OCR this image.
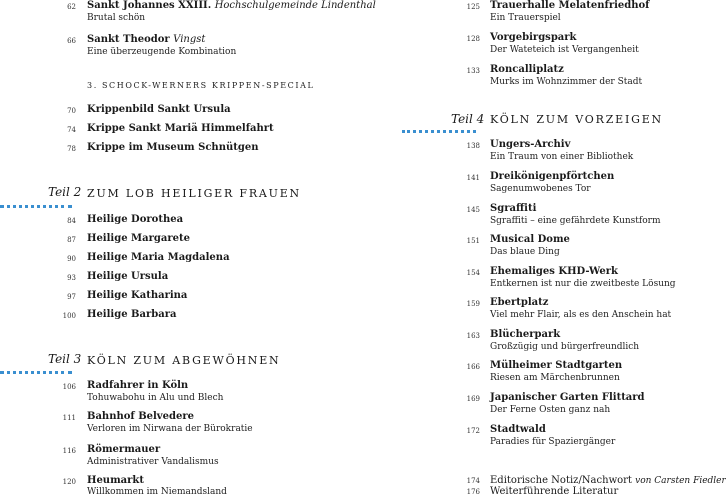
62 Sankt Johannes XXIII. Hochschulgemeinde Lindenthal
Brutal schön
66 Sankt Theodor Vingst
Eine überzeugende Kombination
3. SCHOCK-WERNERS KRIPPEN-SPECIAL
70 Krippenbild Sankt Ursula
74 Krippe Sankt Mariä Himmelfahrt
78 Krippe im Museum Schnütgen
Teil 2 ZUM LOB HEILIGER FRAUEN
84 Heilige Dorothea
87 Heilige Margarete
90 Heilige Maria Magdalena
93 Heilige Ursula
97 Heilige Katharina
100 Heilige Barbara
Teil 3 KÖLN ZUM ABGEWÖHNEN
106 Radfahrer in Köln
Tohuwabohu in Alu und Blech
111 Bahnhof Belvedere
Verloren im Nirwana der Bürokratie
116 Römermauer
Administrativer Vandalismus
120 Heumarkt
Willkommen im Niemandsland
125 Trauerhalle Melatenfriedhof
Ein Trauerspiel
128 Vorgebirgspark
Der Wateteich ist Vergangenheit
133 Roncalliplatz
Murks im Wohnzimmer der Stadt
Teil 4 KÖLN ZUM VORZEIGEN
138 Ungers-Archiv
Ein Traum von einer Bibliothek
141 Dreikönigenpförtchen
Sagenumwobenes Tor
145 Sgraffiti
Sgraffiti – eine gefährdete Kunstform
151 Musical Dome
Das blaue Ding
154 Ehemaliges KHD-Werk
Entkernen ist nur die zweitbeste Lösung
159 Ebertplatz
Viel mehr Flair, als es den Anschein hat
163 Blücherpark
Großzügig und bürgerfreundlich
166 Mülheimer Stadtgarten
Riesen am Märchenbrunnen
169 Japanischer Garten Flittard
Der Ferne Osten ganz nah
172 Stadtwald
Paradies für Spaziergänger
174 Editorische Notiz/Nachwort von Carsten Fiedler
176 Weiterführende Literatur
